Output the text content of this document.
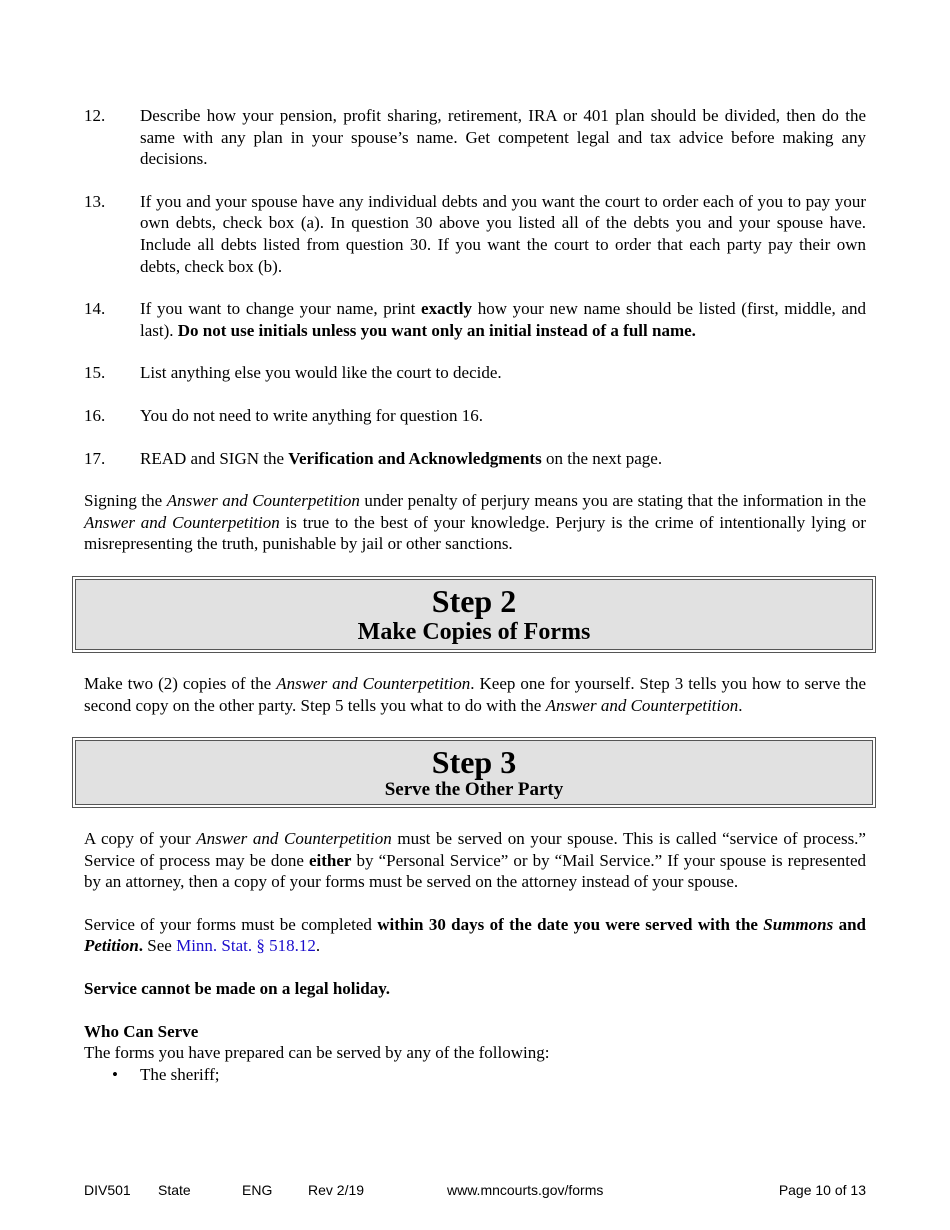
12.	Describe how your pension, profit sharing, retirement, IRA or 401 plan should be divided, then do the same with any plan in your spouse’s name. Get competent legal and tax advice before making any decisions.
13.	If you and your spouse have any individual debts and you want the court to order each of you to pay your own debts, check box (a). In question 30 above you listed all of the debts you and your spouse have. Include all debts listed from question 30. If you want the court to order that each party pay their own debts, check box (b).
14.	If you want to change your name, print exactly how your new name should be listed (first, middle, and last). Do not use initials unless you want only an initial instead of a full name.
15.	List anything else you would like the court to decide.
16.	You do not need to write anything for question 16.
17.	READ and SIGN the Verification and Acknowledgments on the next page.

Signing the Answer and Counterpetition under penalty of perjury means you are stating that the information in the Answer and Counterpetition is true to the best of your knowledge. Perjury is the crime of intentionally lying or misrepresenting the truth, punishable by jail or other sanctions.

Step 2
Make Copies of Forms

Make two (2) copies of the Answer and Counterpetition. Keep one for yourself. Step 3 tells you how to serve the second copy on the other party. Step 5 tells you what to do with the Answer and Counterpetition.

Step 3
Serve the Other Party

A copy of your Answer and Counterpetition must be served on your spouse. This is called “service of process.” Service of process may be done either by “Personal Service” or by “Mail Service.” If your spouse is represented by an attorney, then a copy of your forms must be served on the attorney instead of your spouse.

Service of your forms must be completed within 30 days of the date you were served with the Summons and Petition. See Minn. Stat. § 518.12.

Service cannot be made on a legal holiday.

Who Can Serve

The forms you have prepared can be served by any of the following:

•	The sheriff;
DIV501 State	ENG	Rev 2/19	www.mncourts.gov/forms	Page 10 of 13
